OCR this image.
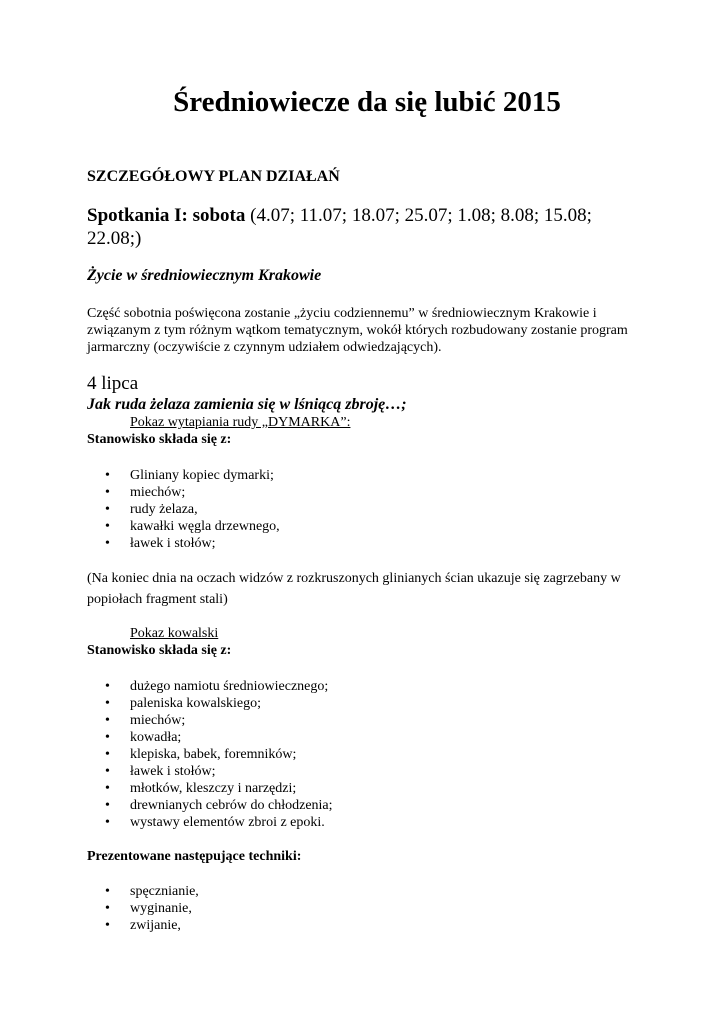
Średniowiecze da się lubić 2015

SZCZEGÓŁOWY PLAN DZIAŁAŃ

Spotkania I: sobota (4.07; 11.07; 18.07; 25.07; 1.08; 8.08; 15.08; 22.08;)

Życie w średniowiecznym Krakowie

Część sobotnia poświęcona zostanie „życiu codziennemu” w średniowiecznym Krakowie i związanym z tym różnym wątkom tematycznym, wokół których rozbudowany zostanie program jarmarczny (oczywiście z czynnym udziałem odwiedzających).

4 lipca

Jak ruda żelaza zamienia się w lśniącą zbroję…;

Pokaz wytapiania rudy „DYMARKA”:

Stanowisko składa się z:

• Gliniany kopiec dymarki;
• miechów;
• rudy żelaza,
• kawałki węgla drzewnego,
• ławek i stołów;

(Na koniec dnia na oczach widzów z rozkruszonych glinianych ścian ukazuje się zagrzebany w popiołach fragment stali)

Pokaz kowalski

Stanowisko składa się z:

• dużego namiotu średniowiecznego;
• paleniska kowalskiego;
• miechów;
• kowadła;
• klepiska, babek, foremników;
• ławek i stołów;
• młotków, kleszczy i narzędzi;
• drewnianych cebrów do chłodzenia;
• wystawy elementów zbroi z epoki.

Prezentowane następujące techniki:

• spęcznianie,
• wyginanie,
• zwijanie,
